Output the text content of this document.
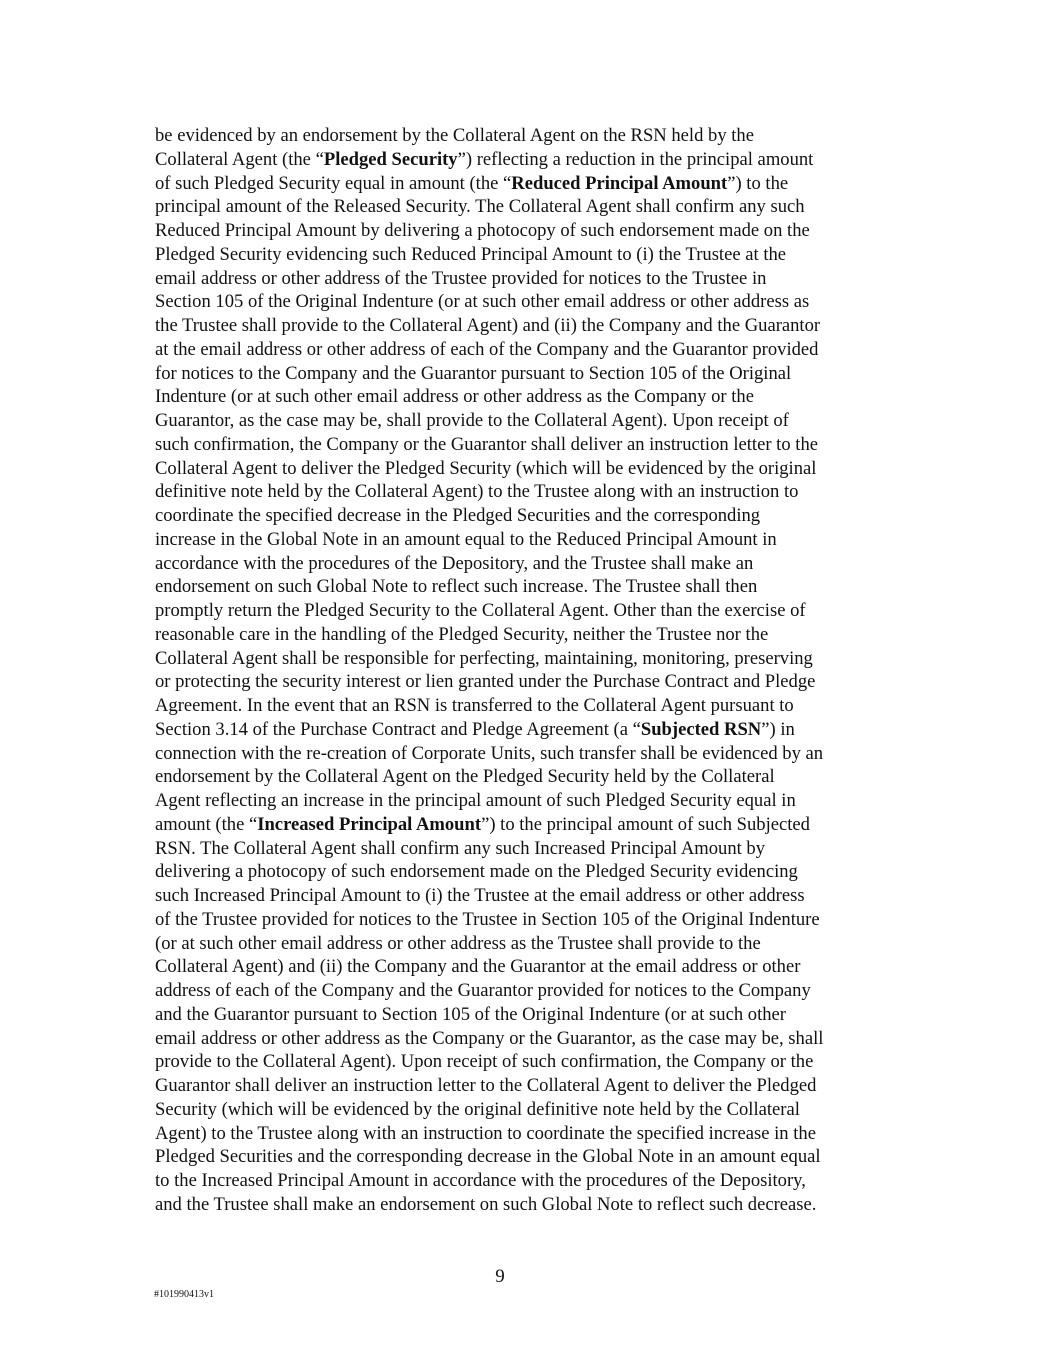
be evidenced by an endorsement by the Collateral Agent on the RSN held by the
Collateral Agent (the “Pledged Security”) reflecting a reduction in the principal amount
of such Pledged Security equal in amount (the “Reduced Principal Amount”) to the
principal amount of the Released Security. The Collateral Agent shall confirm any such
Reduced Principal Amount by delivering a photocopy of such endorsement made on the
Pledged Security evidencing such Reduced Principal Amount to (i) the Trustee at the
email address or other address of the Trustee provided for notices to the Trustee in
Section 105 of the Original Indenture (or at such other email address or other address as
the Trustee shall provide to the Collateral Agent) and (ii) the Company and the Guarantor
at the email address or other address of each of the Company and the Guarantor provided
for notices to the Company and the Guarantor pursuant to Section 105 of the Original
Indenture (or at such other email address or other address as the Company or the
Guarantor, as the case may be, shall provide to the Collateral Agent). Upon receipt of
such confirmation, the Company or the Guarantor shall deliver an instruction letter to the
Collateral Agent to deliver the Pledged Security (which will be evidenced by the original
definitive note held by the Collateral Agent) to the Trustee along with an instruction to
coordinate the specified decrease in the Pledged Securities and the corresponding
increase in the Global Note in an amount equal to the Reduced Principal Amount in
accordance with the procedures of the Depository, and the Trustee shall make an
endorsement on such Global Note to reflect such increase. The Trustee shall then
promptly return the Pledged Security to the Collateral Agent. Other than the exercise of
reasonable care in the handling of the Pledged Security, neither the Trustee nor the
Collateral Agent shall be responsible for perfecting, maintaining, monitoring, preserving
or protecting the security interest or lien granted under the Purchase Contract and Pledge
Agreement. In the event that an RSN is transferred to the Collateral Agent pursuant to
Section 3.14 of the Purchase Contract and Pledge Agreement (a “Subjected RSN”) in
connection with the re-creation of Corporate Units, such transfer shall be evidenced by an
endorsement by the Collateral Agent on the Pledged Security held by the Collateral
Agent reflecting an increase in the principal amount of such Pledged Security equal in
amount (the “Increased Principal Amount”) to the principal amount of such Subjected
RSN. The Collateral Agent shall confirm any such Increased Principal Amount by
delivering a photocopy of such endorsement made on the Pledged Security evidencing
such Increased Principal Amount to (i) the Trustee at the email address or other address
of the Trustee provided for notices to the Trustee in Section 105 of the Original Indenture
(or at such other email address or other address as the Trustee shall provide to the
Collateral Agent) and (ii) the Company and the Guarantor at the email address or other
address of each of the Company and the Guarantor provided for notices to the Company
and the Guarantor pursuant to Section 105 of the Original Indenture (or at such other
email address or other address as the Company or the Guarantor, as the case may be, shall
provide to the Collateral Agent). Upon receipt of such confirmation, the Company or the
Guarantor shall deliver an instruction letter to the Collateral Agent to deliver the Pledged
Security (which will be evidenced by the original definitive note held by the Collateral
Agent) to the Trustee along with an instruction to coordinate the specified increase in the
Pledged Securities and the corresponding decrease in the Global Note in an amount equal
to the Increased Principal Amount in accordance with the procedures of the Depository,
and the Trustee shall make an endorsement on such Global Note to reflect such decrease.
9
#101990413v1
